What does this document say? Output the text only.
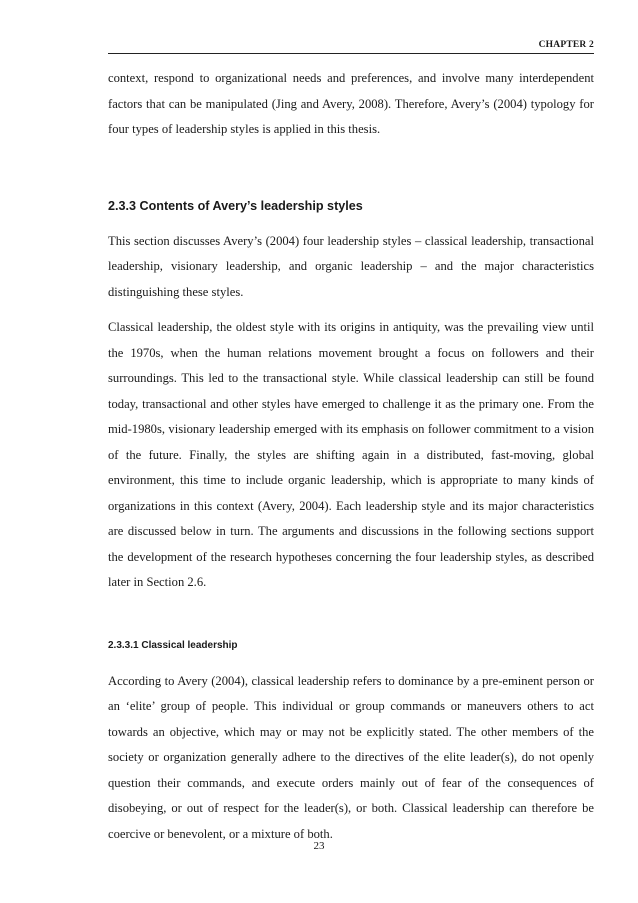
CHAPTER 2

context, respond to organizational needs and preferences, and involve many interdependent factors that can be manipulated (Jing and Avery, 2008). Therefore, Avery’s (2004) typology for four types of leadership styles is applied in this thesis.

2.3.3 Contents of Avery’s leadership styles

This section discusses Avery’s (2004) four leadership styles – classical leadership, transactional leadership, visionary leadership, and organic leadership – and the major characteristics distinguishing these styles.

Classical leadership, the oldest style with its origins in antiquity, was the prevailing view until the 1970s, when the human relations movement brought a focus on followers and their surroundings. This led to the transactional style. While classical leadership can still be found today, transactional and other styles have emerged to challenge it as the primary one. From the mid-1980s, visionary leadership emerged with its emphasis on follower commitment to a vision of the future. Finally, the styles are shifting again in a distributed, fast-moving, global environment, this time to include organic leadership, which is appropriate to many kinds of organizations in this context (Avery, 2004). Each leadership style and its major characteristics are discussed below in turn. The arguments and discussions in the following sections support the development of the research hypotheses concerning the four leadership styles, as described later in Section 2.6.

2.3.3.1 Classical leadership

According to Avery (2004), classical leadership refers to dominance by a pre-eminent person or an ‘elite’ group of people. This individual or group commands or maneuvers others to act towards an objective, which may or may not be explicitly stated. The other members of the society or organization generally adhere to the directives of the elite leader(s), do not openly question their commands, and execute orders mainly out of fear of the consequences of disobeying, or out of respect for the leader(s), or both. Classical leadership can therefore be coercive or benevolent, or a mixture of both.

23
